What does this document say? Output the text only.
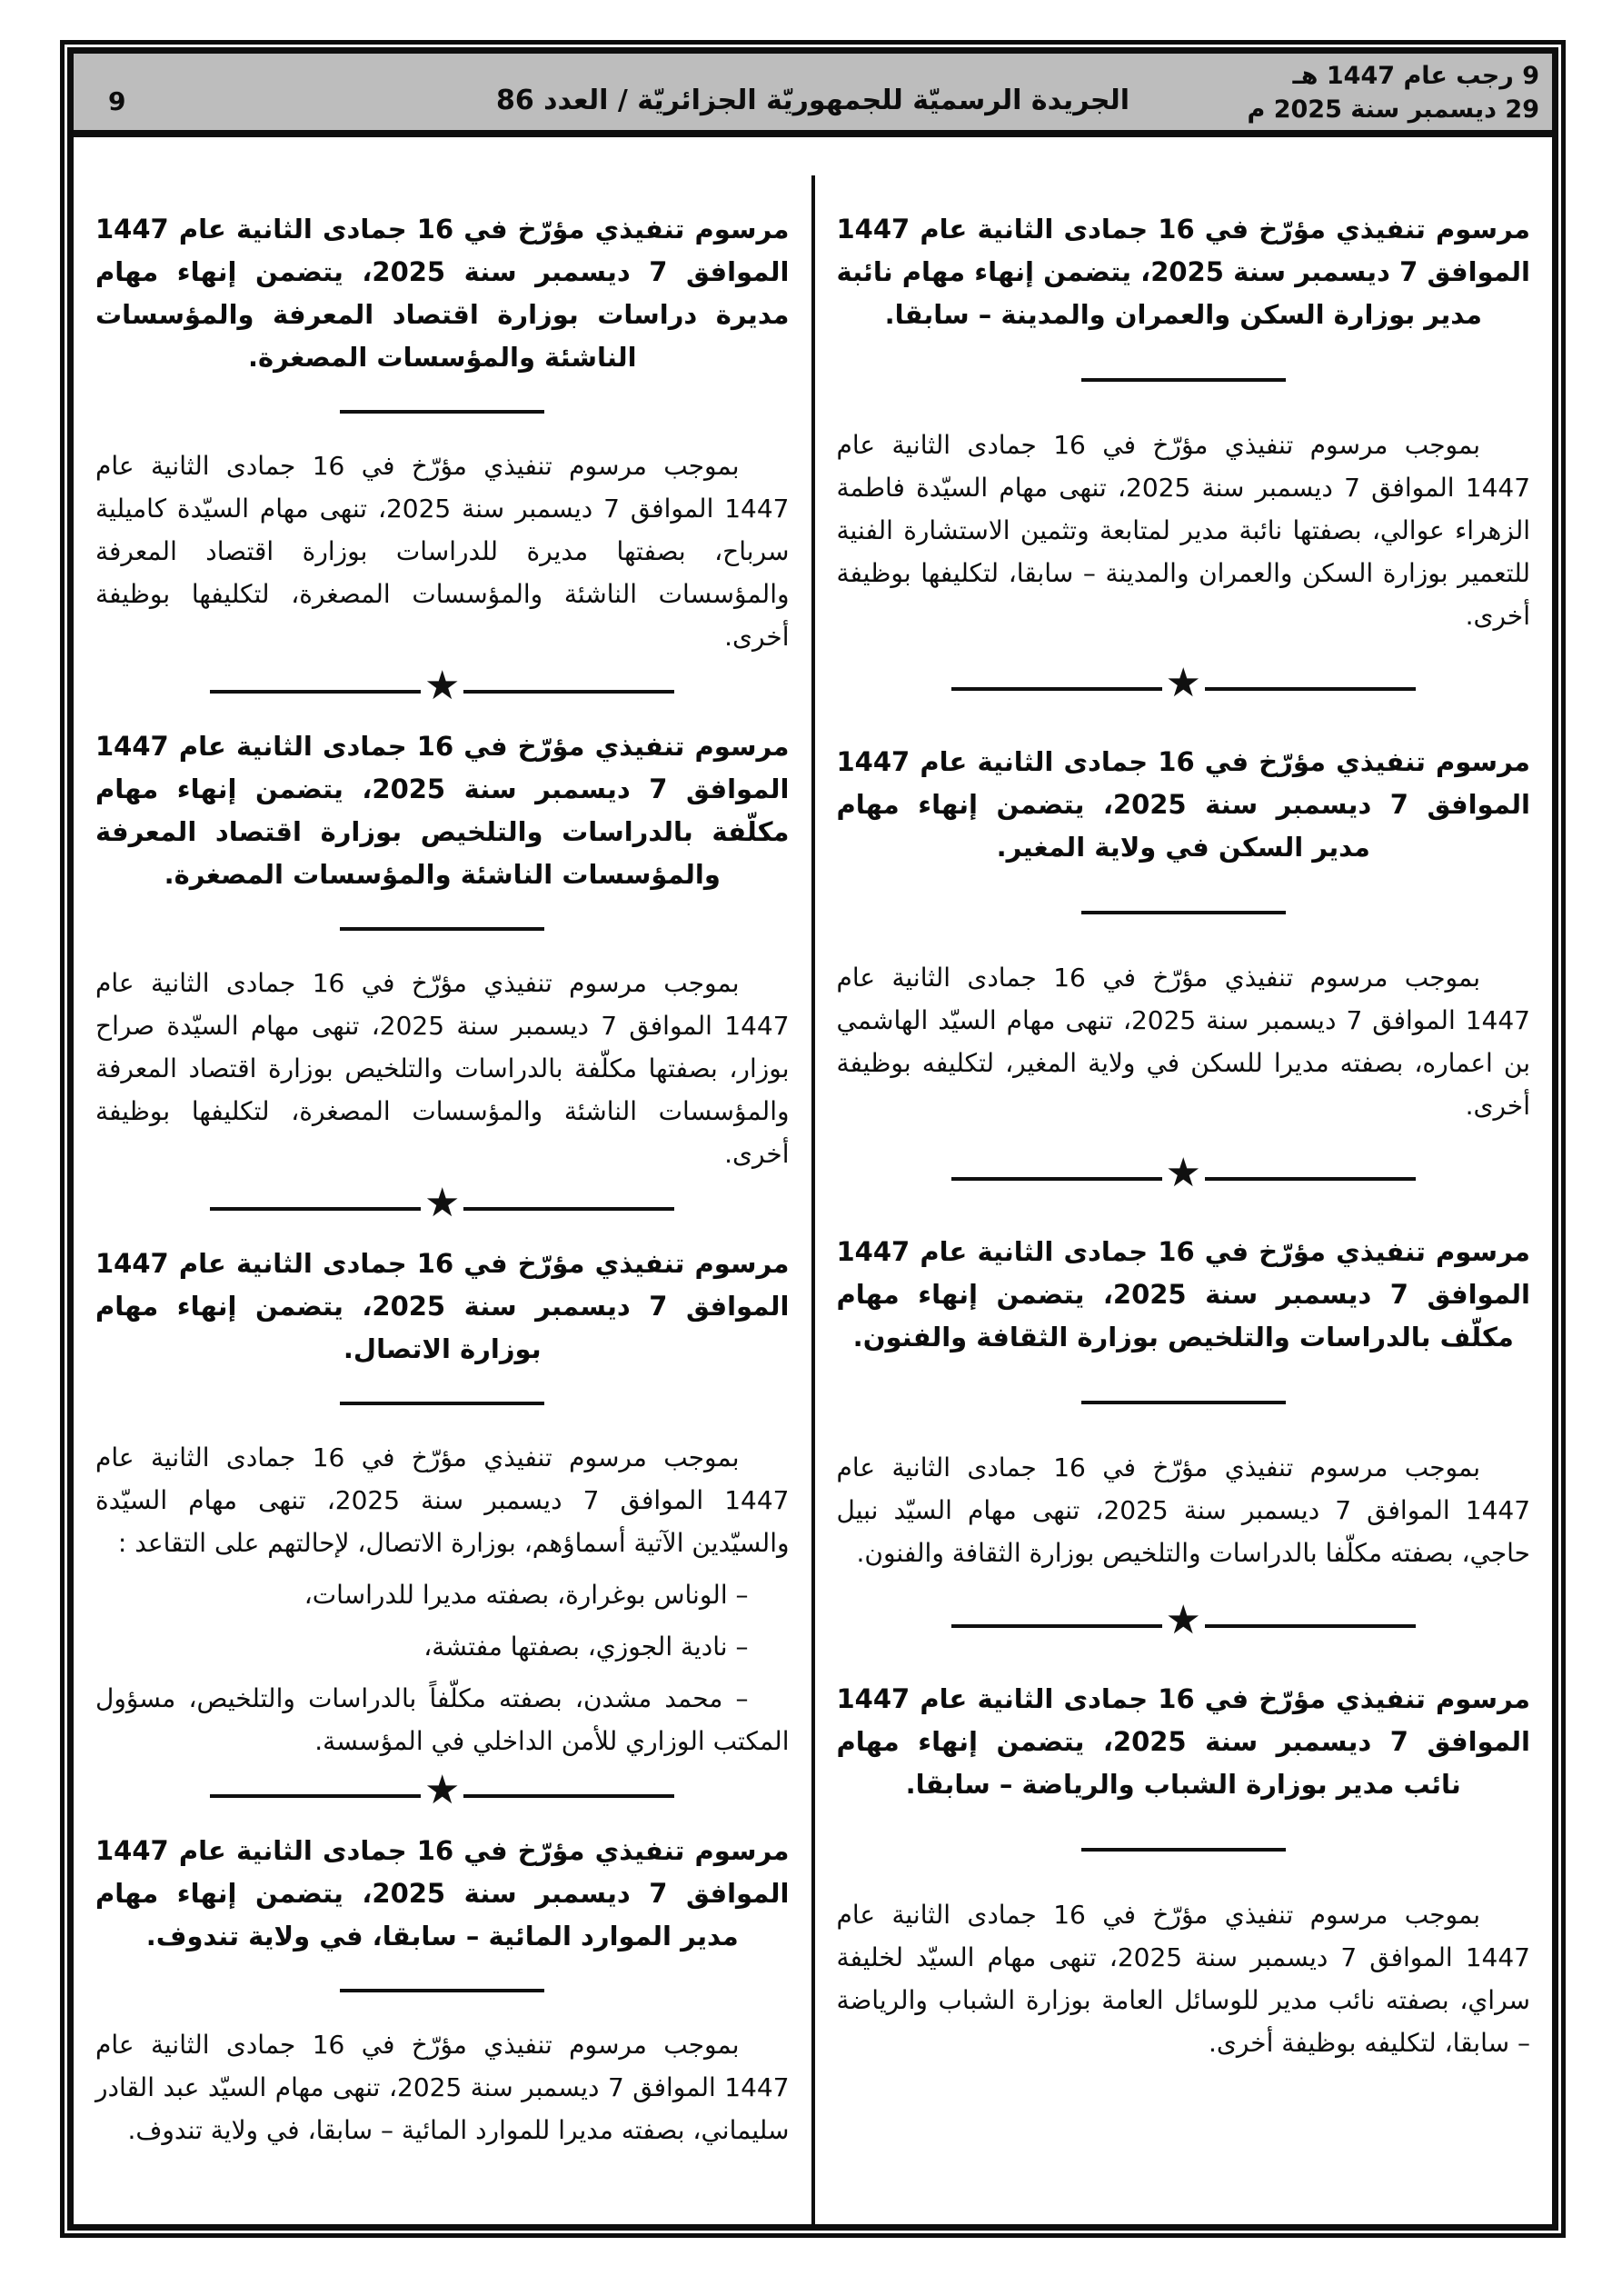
9 رجب عام 1447 هـ
29 ديسمبر سنة 2025 م
الجريدة الرسميّة للجمهوريّة الجزائريّة / العدد 86
9

مرسوم تنفيذي مؤرّخ في 16 جمادى الثانية عام 1447 الموافق 7 ديسمبر سنة 2025، يتضمن إنهاء مهام نائبة مدير بوزارة السكن والعمران والمدينة – سابقا.

بموجب مرسوم تنفيذي مؤرّخ في 16 جمادى الثانية عام 1447 الموافق 7 ديسمبر سنة 2025، تنهى مهام السيّدة فاطمة الزهراء عوالي، بصفتها نائبة مدير لمتابعة وتثمين الاستشارة الفنية للتعمير بوزارة السكن والعمران والمدينة – سابقا، لتكليفها بوظيفة أخرى.

★

مرسوم تنفيذي مؤرّخ في 16 جمادى الثانية عام 1447 الموافق 7 ديسمبر سنة 2025، يتضمن إنهاء مهام مدير السكن في ولاية المغير.

بموجب مرسوم تنفيذي مؤرّخ في 16 جمادى الثانية عام 1447 الموافق 7 ديسمبر سنة 2025، تنهى مهام السيّد الهاشمي بن اعماره، بصفته مديرا للسكن في ولاية المغير، لتكليفه بوظيفة أخرى.

★

مرسوم تنفيذي مؤرّخ في 16 جمادى الثانية عام 1447 الموافق 7 ديسمبر سنة 2025، يتضمن إنهاء مهام مكلّف بالدراسات والتلخيص بوزارة الثقافة والفنون.

بموجب مرسوم تنفيذي مؤرّخ في 16 جمادى الثانية عام 1447 الموافق 7 ديسمبر سنة 2025، تنهى مهام السيّد نبيل حاجي، بصفته مكلّفا بالدراسات والتلخيص بوزارة الثقافة والفنون.

★

مرسوم تنفيذي مؤرّخ في 16 جمادى الثانية عام 1447 الموافق 7 ديسمبر سنة 2025، يتضمن إنهاء مهام نائب مدير بوزارة الشباب والرياضة – سابقا.

بموجب مرسوم تنفيذي مؤرّخ في 16 جمادى الثانية عام 1447 الموافق 7 ديسمبر سنة 2025، تنهى مهام السيّد لخليفة سراي، بصفته نائب مدير للوسائل العامة بوزارة الشباب والرياضة – سابقا، لتكليفه بوظيفة أخرى.

مرسوم تنفيذي مؤرّخ في 16 جمادى الثانية عام 1447 الموافق 7 ديسمبر سنة 2025، يتضمن إنهاء مهام مديرة دراسات بوزارة اقتصاد المعرفة والمؤسسات الناشئة والمؤسسات المصغرة.

بموجب مرسوم تنفيذي مؤرّخ في 16 جمادى الثانية عام 1447 الموافق 7 ديسمبر سنة 2025، تنهى مهام السيّدة كاميلية سرباح، بصفتها مديرة للدراسات بوزارة اقتصاد المعرفة والمؤسسات الناشئة والمؤسسات المصغرة، لتكليفها بوظيفة أخرى.

★

مرسوم تنفيذي مؤرّخ في 16 جمادى الثانية عام 1447 الموافق 7 ديسمبر سنة 2025، يتضمن إنهاء مهام مكلّفة بالدراسات والتلخيص بوزارة اقتصاد المعرفة والمؤسسات الناشئة والمؤسسات المصغرة.

بموجب مرسوم تنفيذي مؤرّخ في 16 جمادى الثانية عام 1447 الموافق 7 ديسمبر سنة 2025، تنهى مهام السيّدة صراح بوزار، بصفتها مكلّفة بالدراسات والتلخيص بوزارة اقتصاد المعرفة والمؤسسات الناشئة والمؤسسات المصغرة، لتكليفها بوظيفة أخرى.

★

مرسوم تنفيذي مؤرّخ في 16 جمادى الثانية عام 1447 الموافق 7 ديسمبر سنة 2025، يتضمن إنهاء مهام بوزارة الاتصال.

بموجب مرسوم تنفيذي مؤرّخ في 16 جمادى الثانية عام 1447 الموافق 7 ديسمبر سنة 2025، تنهى مهام السيّدة والسيّدين الآتية أسماؤهم، بوزارة الاتصال، لإحالتهم على التقاعد :

– الوناس بوغرارة، بصفته مديرا للدراسات،

– نادية الجوزي، بصفتها مفتشة،

– محمد مشدن، بصفته مكلّفاً بالدراسات والتلخيص، مسؤول المكتب الوزاري للأمن الداخلي في المؤسسة.

★

مرسوم تنفيذي مؤرّخ في 16 جمادى الثانية عام 1447 الموافق 7 ديسمبر سنة 2025، يتضمن إنهاء مهام مدير الموارد المائية – سابقا، في ولاية تندوف.

بموجب مرسوم تنفيذي مؤرّخ في 16 جمادى الثانية عام 1447 الموافق 7 ديسمبر سنة 2025، تنهى مهام السيّد عبد القادر سليماني، بصفته مديرا للموارد المائية – سابقا، في ولاية تندوف.
